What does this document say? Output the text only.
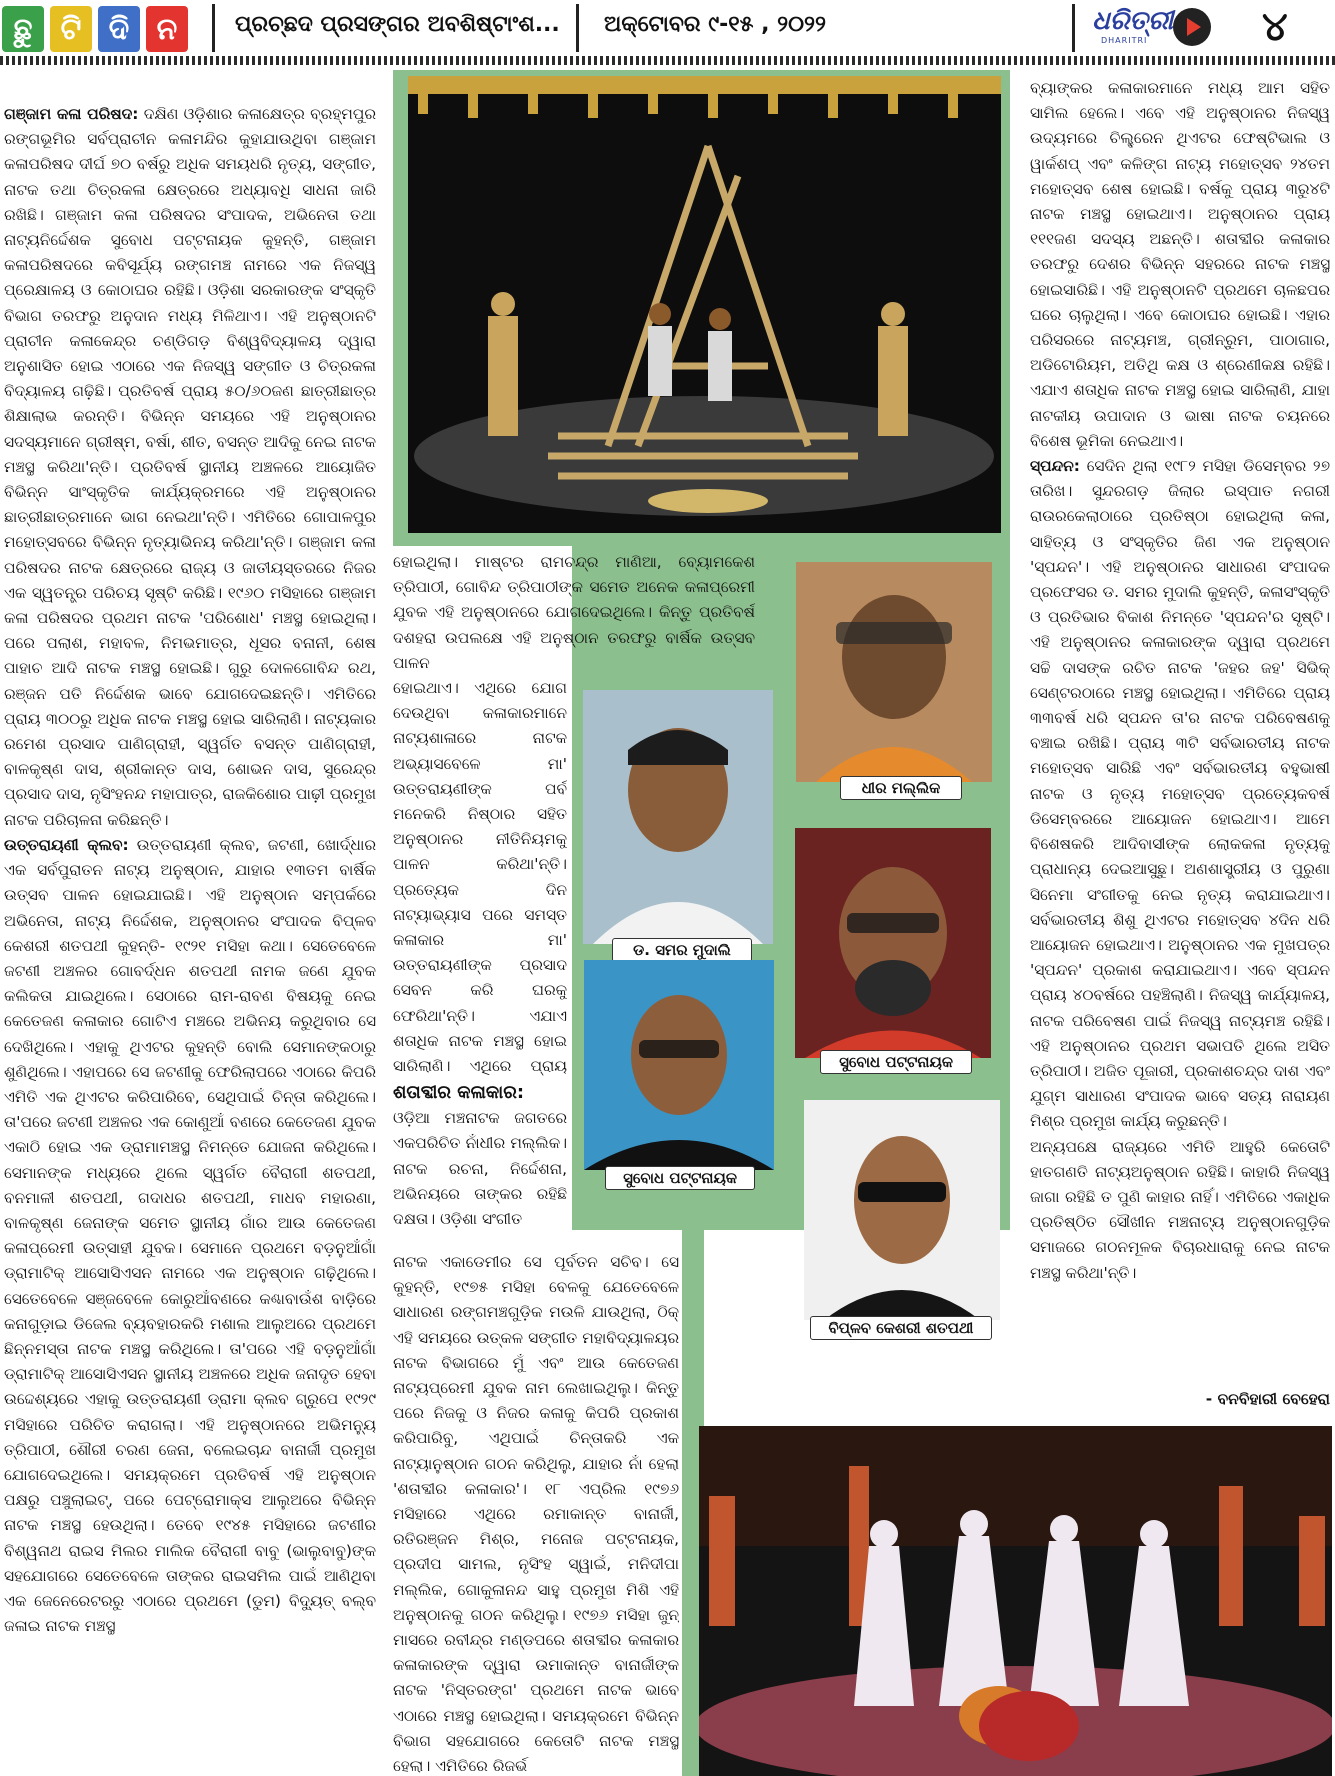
ଛୁ ଟି ଦି ନ	ପ୍ରଚ୍ଛଦ ପ୍ରସଙ୍ଗର ଅବଶିଷ୍ଟାଂଶ... ଅକ୍ଟୋବର ୯-୧୫ , ୨୦୨୨	ଧରିତ୍ରୀ
DHARITRI	୪

ଗଞ୍ଜାମ କଳା ପରିଷଦ: ଦକ୍ଷିଣ ଓଡ଼ିଶାର କଳାକ୍ଷେତ୍ର ବ୍ରହ୍ମପୁର ରଙ୍ଗଭୂମିର ସର୍ବପ୍ରାଚୀନ କଳାମନ୍ଦିର କୁହାଯାଉଥିବା ଗଞ୍ଜାମ କଳାପରିଷଦ ଦୀର୍ଘ ୭୦ ବର୍ଷରୁ ଅଧିକ ସମୟଧରି ନୃତ୍ୟ, ସଙ୍ଗୀତ, ନାଟକ ତଥା ଚିତ୍ରକଳା କ୍ଷେତ୍ରରେ ଅଧ୍ୟାବଧି ସାଧନା ଜାରି ରଖିଛି। ଗଞ୍ଜାମ କଳା ପରିଷଦର ସଂପାଦକ, ଅଭିନେତା ତଥା ନାଟ୍ୟନିର୍ଦ୍ଦେଶକ ସୁବୋଧ ପଟ୍ଟନାୟକ କୁହନ୍ତି, ଗଞ୍ଜାମ କଳାପରିଷଦରେ କବିସୂର୍ଯ୍ୟ ରଙ୍ଗମଞ୍ଚ ନାମରେ ଏକ ନିଜସ୍ୱ ପ୍ରେକ୍ଷାଳୟ ଓ କୋଠାଘର ରହିଛି। ଓଡ଼ିଶା ସରକାରଙ୍କ ସଂସ୍କୃତି ବିଭାଗ ତରଫରୁ ଅନୁଦାନ ମଧ୍ୟ ମିଳିଥାଏ। ଏହି ଅନୁଷ୍ଠାନଟି ପ୍ରାଚୀନ କଳାକେନ୍ଦ୍ର ଚଣ୍ଡିଗଡ଼ ବିଶ୍ୱବିଦ୍ୟାଳୟ ଦ୍ୱାରା ଅନୁଶାସିତ ହୋଇ ଏଠାରେ ଏକ ନିଜସ୍ୱ ସଙ୍ଗୀତ ଓ ଚିତ୍ରକଳା ବିଦ୍ୟାଳୟ ଗଢ଼ିଛି। ପ୍ରତିବର୍ଷ ପ୍ରାୟ ୫୦/୬୦ଜଣ ଛାତ୍ରୀଛାତ୍ର ଶିକ୍ଷାଲାଭ କରନ୍ତି। ବିଭିନ୍ନ ସମୟରେ ଏହି ଅନୁଷ୍ଠାନର ସଦସ୍ୟମାନେ ଗ୍ରୀଷ୍ମ, ବର୍ଷା, ଶୀତ, ବସନ୍ତ ଆଦିକୁ ନେଇ ନାଟକ ମଞ୍ଚସ୍ଥ କରିଥା'ନ୍ତି। ପ୍ରତିବର୍ଷ ସ୍ଥାନୀୟ ଅଞ୍ଚଳରେ ଆୟୋଜିତ ବିଭିନ୍ନ ସାଂସ୍କୃତିକ କାର୍ଯ୍ୟକ୍ରମରେ ଏହି ଅନୁଷ୍ଠାନର ଛାତ୍ରୀଛାତ୍ରମାନେ ଭାଗ ନେଇଥା'ନ୍ତି। ଏମିତିରେ ଗୋପାଳପୁର ମହୋତ୍ସବରେ ବିଭିନ୍ନ ନୃତ୍ୟାଭିନୟ କରିଥା'ନ୍ତି। ଗଞ୍ଜାମ କଳା ପରିଷଦର ନାଟକ କ୍ଷେତ୍ରରେ ରାଜ୍ୟ ଓ ଜାତୀୟସ୍ତରରେ ନିଜର ଏକ ସ୍ୱତନ୍ତ୍ର ପରିଚୟ ସୃଷ୍ଟି କରିଛି। ୧୯୬୦ ମସିହାରେ ଗଞ୍ଜାମ କଳା ପରିଷଦର ପ୍ରଥମ ନାଟକ 'ପରିଶୋଧ' ମଞ୍ଚସ୍ଥ ହୋଇଥିଲା। ପରେ ପଲାଶ, ମହାବଳ, ନିମଭମାତ୍ର, ଧୂସର ବନାନୀ, ଶେଷ ପାହାଚ ଆଦି ନାଟକ ମଞ୍ଚସ୍ଥ ହୋଇଛି। ଗୁରୁ ଦୋଳଗୋବିନ୍ଦ ରଥ, ରଞ୍ଜନ ପତି ନିର୍ଦ୍ଦେଶକ ଭାବେ ଯୋଗଦେଇଛନ୍ତି। ଏମିତିରେ ପ୍ରାୟ ୩୦୦ରୁ ଅଧିକ ନାଟକ ମଞ୍ଚସ୍ଥ ହୋଇ ସାରିଲାଣି। ନାଟ୍ୟକାର ରମେଶ ପ୍ରସାଦ ପାଣିଗ୍ରାହୀ, ସ୍ୱର୍ଗତ ବସନ୍ତ ପାଣିଗ୍ରାହୀ, ବାଳକୃଷ୍ଣ ଦାସ, ଶ୍ରୀକାନ୍ତ ଦାସ, ଶୋଭନ ଦାସ, ସୁରେନ୍ଦ୍ର ପ୍ରସାଦ ଦାସ, ନୃସିଂହନନ୍ଦ ମହାପାତ୍ର, ରାଜକିଶୋର ପାଢ଼ୀ ପ୍ରମୁଖ ନାଟକ ପରିଚାଳନା କରିଛନ୍ତି।

ଉତ୍ତରାୟଣୀ କ୍ଲବ: ଉତ୍ତରାୟଣୀ କ୍ଲବ, ଜଟଣୀ, ଖୋର୍ଦ୍ଧାର ଏକ ସର୍ବପୁରାତନ ନାଟ୍ୟ ଅନୁଷ୍ଠାନ, ଯାହାର ୧୩ତମ ବାର୍ଷିକ ଉତ୍ସବ ପାଳନ ହୋଇଯାଇଛି। ଏହି ଅନୁଷ୍ଠାନ ସମ୍ପର୍କରେ ଅଭିନେତା, ନାଟ୍ୟ ନିର୍ଦ୍ଦେଶକ, ଅନୁଷ୍ଠାନର ସଂପାଦକ ବିପ୍ଳବ କେଶରୀ ଶତପଥୀ କୁହନ୍ତି- ୧୯୨୧ ମସିହା କଥା। ସେତେବେଳେ ଜଟଣୀ ଅଞ୍ଚଳର ଗୋବର୍ଦ୍ଧନ ଶତପଥୀ ନାମକ ଜଣେ ଯୁବକ କଲିକତା ଯାଇଥିଲେ। ସେଠାରେ ରାମ-ରାବଣ ବିଷୟକୁ ନେଇ କେତେଜଣ କଳାକାର ଗୋଟିଏ ମଞ୍ଚରେ ଅଭିନୟ କରୁଥିବାର ସେ ଦେଖିଥିଲେ। ଏହାକୁ ଥିଏଟର କୁହନ୍ତି ବୋଲି ସେମାନଙ୍କଠାରୁ ଶୁଣିଥିଲେ। ଏହାପରେ ସେ ଜଟଣୀକୁ ଫେରିଲାପରେ ଏଠାରେ କିପରି ଏମିତି ଏକ ଥିଏଟର କରିପାରିବେ, ସେଥିପାଇଁ ଚିନ୍ତା କରିଥିଲେ। ତା'ପରେ ଜଟଣୀ ଅଞ୍ଚଳର ଏକ କୋଣୁଆଁ ବଣରେ କେତେଜଣ ଯୁବକ ଏକାଠି ହୋଇ ଏକ ଡ୍ରାମାମଞ୍ଚସ୍ଥ ନିମନ୍ତେ ଯୋଜନା କରିଥିଲେ। ସେମାନଙ୍କ ମଧ୍ୟରେ ଥିଲେ ସ୍ୱର୍ଗତ ବୈରାଗୀ ଶତପଥୀ, ବନମାଳୀ ଶତପଥୀ, ଗଦାଧର ଶତପଥୀ, ମାଧବ ମହାରଣା, ବାଳକୃଷ୍ଣ ଜେନାଙ୍କ ସମେତ ସ୍ଥାନୀୟ ଗାଁର ଆଉ କେତେଜଣ କଳାପ୍ରେମୀ ଉତ୍ସାହୀ ଯୁବକ। ସେମାନେ ପ୍ରଥମେ ବଡ଼ନୁଆଁଗାଁ ଡ୍ରାମାଟିକ୍ ଆସୋସିଏସନ ନାମରେ ଏକ ଅନୁଷ୍ଠାନ ଗଢ଼ିଥିଲେ। ସେତେବେଳେ ସଞ୍ଜବେଳେ କୋରୁଆଁବଣରେ କଣ୍ଢାବାଉଁଶ ବାଡ଼ିରେ କନାଗୁଡ଼ାଇ ଡିଜେଲ ବ୍ୟବହାରକରି ମଶାଲ ଆଲୁଅରେ ପ୍ରଥମେ ଛିନ୍ନମସ୍ତା ନାଟକ ମଞ୍ଚସ୍ଥ କରିଥିଲେ। ତା'ପରେ ଏହି ବଡ଼ନୁଆଁଗାଁ ଡ୍ରାମାଟିକ୍ ଆସୋସିଏସନ ସ୍ଥାନୀୟ ଅଞ୍ଚଳରେ ଅଧିକ ଜନାଦୃତ ହେବା ଉଦ୍ଦେଶ୍ୟରେ ଏହାକୁ ଉତ୍ତରାୟଣୀ ଡ୍ରାମା କ୍ଲବ ଗ୍ରୁପେ ୧୯୨୯ ମସିହାରେ ପରିଚିତ କରାଗଲା। ଏହି ଅନୁଷ୍ଠାନରେ ଅଭିମନ୍ୟୁ ତ୍ରିପାଠୀ, ଶୌରୀ ଚରଣ ଜେନା, ବଲେଇଚାନ୍ଦ ବାନାର୍ଜୀ ପ୍ରମୁଖ ଯୋଗଦେଇଥିଲେ। ସମୟକ୍ରମେ ପ୍ରତିବର୍ଷ ଏହି ଅନୁଷ୍ଠାନ ପକ୍ଷରୁ ପଞ୍ଚୁଲାଇଟ୍, ପରେ ପେଟ୍ରୋମାକ୍ସ ଆଲୁଅରେ ବିଭିନ୍ନ ନାଟକ ମଞ୍ଚସ୍ଥ ହେଉଥିଲା। ତେବେ ୧୯୪୫ ମସିହାରେ ଜଟଣୀର ବିଶ୍ୱନାଥ ରାଇସ ମିଲର ମାଲିକ ବୈରାଗୀ ବାବୁ (ଭାଲୁବାବୁ)ଙ୍କ ସହଯୋଗରେ ସେତେବେଳେ ତାଙ୍କର ରାଇସମିଲ ପାଇଁ ଆଣିଥିବା ଏକ ଜେନେରେଟରରୁ ଏଠାରେ ପ୍ରଥମେ (ଡୁମ) ବିଦ୍ୟୁତ୍ ବଲ୍ବ ଜଳାଇ ନାଟକ ମଞ୍ଚସ୍ଥ

ହୋଇଥିଲା। ମାଷ୍ଟର ରାମଚନ୍ଦ୍ର ମାଣିଆ, ବ୍ୟୋମକେଶ ତ୍ରିପାଠୀ, ଗୋବିନ୍ଦ ତ୍ରିପାଠୀଙ୍କ ସମେତ ଅନେକ କଳାପ୍ରେମୀ ଯୁବକ ଏହି ଅନୁଷ୍ଠାନରେ ଯୋଗଦେଇଥିଲେ। କିନ୍ତୁ ପ୍ରତିବର୍ଷ ଦଶହରା ଉପଲକ୍ଷେ ଏହି ଅନୁଷ୍ଠାନ ତରଫରୁ ବାର୍ଷିକ ଉତ୍ସବ ପାଳନ

ହୋଇଥାଏ। ଏଥିରେ ଯୋଗ ଦେଉଥିବା କଳାକାରମାନେ ନାଟ୍ୟଶାଳାରେ ନାଟକ ଅଭ୍ୟାସବେଳେ ମା' ଉତ୍ତରାୟଣୀଙ୍କ ପର୍ବ ମନେକରି ନିଷ୍ଠାର ସହିତ ଅନୁଷ୍ଠାନର ନୀତିନିୟମକୁ ପାଳନ କରିଥା'ନ୍ତି। ପ୍ରତ୍ୟେକ ଦିନ ନାଟ୍ୟାଭ୍ୟାସ ପରେ ସମସ୍ତ କଳାକାର ମା' ଉତ୍ତରାୟଣୀଙ୍କ ପ୍ରସାଦ ସେବନ କରି ଘରକୁ ଫେରିଥା'ନ୍ତି। ଏଯାଏ ଶତାଧିକ ନାଟକ ମଞ୍ଚସ୍ଥ ହୋଇ ସାରିଲାଣି। ଏଥିରେ ପ୍ରାୟ

ଶତାବ୍ଦୀର କଳାକାର:

ଓଡ଼ିଆ ମଞ୍ଚନାଟକ ଜଗତରେ ଏକପରିଚିତ ନାଁଧୀର ମଲ୍ଲିକ। ନାଟକ ରଚନା, ନିର୍ଦ୍ଦେଶନା, ଅଭିନୟରେ ତାଙ୍କର ରହିଛି ଦକ୍ଷତା। ଓଡ଼ିଶା ସଂଗୀତ

ନାଟକ ଏକାଡେମୀର ସେ ପୂର୍ବତନ ସଚିବ। ସେ କୁହନ୍ତି, ୧୯୭୫ ମସିହା ବେଳକୁ ଯେତେବେଳେ ସାଧାରଣ ରଙ୍ଗମଞ୍ଚଗୁଡ଼ିକ ମଉଳି ଯାଉଥିଲା, ଠିକ୍ ଏହି ସମୟରେ ଉତ୍କଳ ସଙ୍ଗୀତ ମହାବିଦ୍ୟାଳୟର ନାଟକ ବିଭାଗରେ ମୁଁ ଏବଂ ଆଉ କେତେଜଣ ନାଟ୍ୟପ୍ରେମୀ ଯୁବକ ନାମ ଲେଖାଇଥିଲୁ। କିନ୍ତୁ ପରେ ନିଜକୁ ଓ ନିଜର କଳାକୁ କିପରି ପ୍ରକାଶ କରିପାରିବୁ, ଏଥିପାଇଁ ଚିନ୍ତାକରି ଏକ ନାଟ୍ୟାନୁଷ୍ଠାନ ଗଠନ କରିଥିଲୁ, ଯାହାର ନାଁ ହେଲା 'ଶତାବ୍ଦୀର କଳାକାର'। ୧୮ ଏପ୍ରିଲ ୧୯୭୬ ମସିହାରେ ଏଥିରେ ରମାକାନ୍ତ ବାନାର୍ଜୀ, ରତିରଞ୍ଜନ ମିଶ୍ର, ମନୋଜ ପଟ୍ଟନାୟକ, ପ୍ରଦୀପ ସାମଲ, ନୃସିଂହ ସ୍ୱାଇଁ, ମନିଦୀପା ମଲ୍ଲିକ, ଗୋକୁଳାନନ୍ଦ ସାହୁ ପ୍ରମୁଖ ମିଶି ଏହି ଅନୁଷ୍ଠାନକୁ ଗଠନ କରିଥିଲୁ। ୧୯୭୬ ମସିହା ଜୁନ୍ ମାସରେ ରବୀନ୍ଦ୍ର ମଣ୍ଡପରେ ଶତାବ୍ଦୀର କଳାକାର କଳାକାରଙ୍କ ଦ୍ୱାରା ଉମାକାନ୍ତ ବାନାର୍ଜୀଙ୍କ ନାଟକ 'ନିସ୍ତରଙ୍ଗ' ପ୍ରଥମେ ନାଟକ ଭାବେ ଏଠାରେ ମଞ୍ଚସ୍ଥ ହୋଇଥିଲା। ସମୟକ୍ରମେ ବିଭିନ୍ନ ବିଭାଗ ସହଯୋଗରେ କେତୋଟି ନାଟକ ମଞ୍ଚସ୍ଥ ହେଲା। ଏମିତିରେ ରିଜର୍ଭ

ଧୀର ମଲ୍ଲିକ
ଡ. ସମର ମୁଦାଲି
ସୁବୋଧ ପଟ୍ଟନାୟକ
ସୁବୋଧ ପଟ୍ଟନାୟକ
ବିପ୍ଳବ କେଶରୀ ଶତପଥୀ

ବ୍ୟାଙ୍କର କଳାକାରମାନେ ମଧ୍ୟ ଆମ ସହିତ ସାମିଲ ହେଲେ। ଏବେ ଏହି ଅନୁଷ୍ଠାନର ନିଜସ୍ୱ ଉଦ୍ୟମରେ ଚିଲ୍ଡ୍ରେନ ଥିଏଟର ଫେଷ୍ଟିଭାଲ ଓ ୱାର୍କଶପ୍ ଏବଂ କଳିଙ୍ଗ ନାଟ୍ୟ ମହୋତ୍ସବ ୨୪ତମ ମହୋତ୍ସବ ଶେଷ ହୋଇଛି। ବର୍ଷକୁ ପ୍ରାୟ ୩ରୁ୪ଟି ନାଟକ ମଞ୍ଚସ୍ଥ ହୋଇଥାଏ। ଅନୁଷ୍ଠାନର ପ୍ରାୟ ୧୧୧ଜଣ ସଦସ୍ୟ ଅଛନ୍ତି। ଶତାବ୍ଦୀର କଳାକାର ତରଫରୁ ଦେଶର ବିଭିନ୍ନ ସହରରେ ନାଟକ ମଞ୍ଚସ୍ଥ ହୋଇସାରିଛି। ଏହି ଅନୁଷ୍ଠାନଟି ପ୍ରଥମେ ଚାଳଛପର ଘରେ ଚାଲୁଥିଲା। ଏବେ କୋଠାଘର ହୋଇଛି। ଏହାର ପରିସରରେ ନାଟ୍ୟମଞ୍ଚ, ଗ୍ରୀନ୍ରୁମ, ପାଠାଗାର, ଅଡିଟୋରିୟମ, ଅତିଥି କକ୍ଷ ଓ ଶ୍ରେଣୀକକ୍ଷ ରହିଛି। ଏଯାଏ ଶତାଧିକ ନାଟକ ମଞ୍ଚସ୍ଥ ହୋଇ ସାରିଲାଣି, ଯାହା ନାଟକୀୟ ଉପାଦାନ ଓ ଭାଷା ନାଟକ ଚୟନରେ ବିଶେଷ ଭୂମିକା ନେଇଥାଏ।

ସ୍ପନ୍ଦନ: ସେଦିନ ଥିଲା ୧୯୮୨ ମସିହା ଡିସେମ୍ବର ୨୭ ତାରିଖ। ସୁନ୍ଦରଗଡ଼ ଜିଲାର ଇସ୍ପାତ ନଗରୀ ରାଉରକେଲାଠାରେ ପ୍ରତିଷ୍ଠା ହୋଇଥିଲା କଳା, ସାହିତ୍ୟ ଓ ସଂସ୍କୃତିର ଜିଣ ଏକ ଅନୁଷ୍ଠାନ 'ସ୍ପନ୍ଦନ'। ଏହି ଅନୁଷ୍ଠାନର ସାଧାରଣ ସଂପାଦକ ପ୍ରଫେସର ଡ. ସମର ମୁଦାଲି କୁହନ୍ତି, କଳାସଂସ୍କୃତି ଓ ପ୍ରତିଭାର ବିକାଶ ନିମନ୍ତେ 'ସ୍ପନ୍ଦନ'ର ସୃଷ୍ଟି। ଏହି ଅନୁଷ୍ଠାନର କଳାକାରଙ୍କ ଦ୍ୱାରା ପ୍ରଥମେ ସଚ୍ଚି ଦାସଙ୍କ ରଚିତ ନାଟକ 'ଜହର ଜହ' ସିଭିକ୍ ସେଣ୍ଟରଠାରେ ମଞ୍ଚସ୍ଥ ହୋଇଥିଲା। ଏମିତିରେ ପ୍ରାୟ ୩୩ବର୍ଷ ଧରି ସ୍ପନ୍ଦନ ତା'ର ନାଟକ ପରିବେଷଣକୁ ବଞ୍ଚାଇ ରଖିଛି। ପ୍ରାୟ ୩ଟି ସର୍ବଭାରତୀୟ ନାଟକ ମହୋତ୍ସବ ସାରିଛି ଏବଂ ସର୍ବଭାରତୀୟ ବହୁଭାଷୀ ନାଟକ ଓ ନୃତ୍ୟ ମହୋତ୍ସବ ପ୍ରତ୍ୟେକବର୍ଷ ଡିସେମ୍ବରରେ ଆୟୋଜନ ହୋଇଥାଏ। ଆମେ ବିଶେଷକରି ଆଦିବାସୀଙ୍କ ଲୋକକଳା ନୃତ୍ୟକୁ ପ୍ରାଧାନ୍ୟ ଦେଇଆସୁଛୁ। ଅଣଶାସ୍ତ୍ରୀୟ ଓ ପୁରୁଣା ସିନେମା ସଂଗୀତକୁ ନେଇ ନୃତ୍ୟ କରାଯାଇଥାଏ। ସର୍ବଭାରତୀୟ ଶିଶୁ ଥିଏଟର ମହୋତ୍ସବ ୪ଦିନ ଧରି ଆୟୋଜନ ହୋଇଥାଏ। ଅନୁଷ୍ଠାନର ଏକ ମୁଖପତ୍ର 'ସ୍ପନ୍ଦନ' ପ୍ରକାଶ କରାଯାଇଥାଏ। ଏବେ ସ୍ପନ୍ଦନ ପ୍ରାୟ ୪୦ବର୍ଷରେ ପହଞ୍ଚିଲାଣି। ନିଜସ୍ୱ କାର୍ଯ୍ୟାଳୟ, ନାଟକ ପରିବେଷଣ ପାଇଁ ନିଜସ୍ୱ ନାଟ୍ୟମଞ୍ଚ ରହିଛି। ଏହି ଅନୁଷ୍ଠାନର ପ୍ରଥମ ସଭାପତି ଥିଲେ ଅସିତ ତ୍ରିପାଠୀ। ଅଜିତ ପୂଜାରୀ, ପ୍ରକାଶଚନ୍ଦ୍ର ଦାଶ ଏବଂ ଯୁଗ୍ମ ସାଧାରଣ ସଂପାଦକ ଭାବେ ସତ୍ୟ ନାରାୟଣ ମିଶ୍ର ପ୍ରମୁଖ କାର୍ଯ୍ୟ କରୁଛନ୍ତି।

ଅନ୍ୟପକ୍ଷେ ରାଜ୍ୟରେ ଏମିତି ଆହୁରି କେତୋଟି ହାତଗଣତି ନାଟ୍ୟଅନୁଷ୍ଠାନ ରହିଛି। କାହାରି ନିଜସ୍ୱ ଜାଗା ରହିଛି ତ ପୁଣି କାହାର ନାହିଁ। ଏମିତିରେ ଏକାଧିକ ପ୍ରତିଷ୍ଠିତ ସୌଖୀନ ମଞ୍ଚନାଟ୍ୟ ଅନୁଷ୍ଠାନଗୁଡ଼ିକ ସମାଜରେ ଗଠନମୂଳକ ବିଚାରଧାରାକୁ ନେଇ ନାଟକ ମଞ୍ଚସ୍ଥ କରିଥା'ନ୍ତି।

- ବନବିହାରୀ ବେହେରା
